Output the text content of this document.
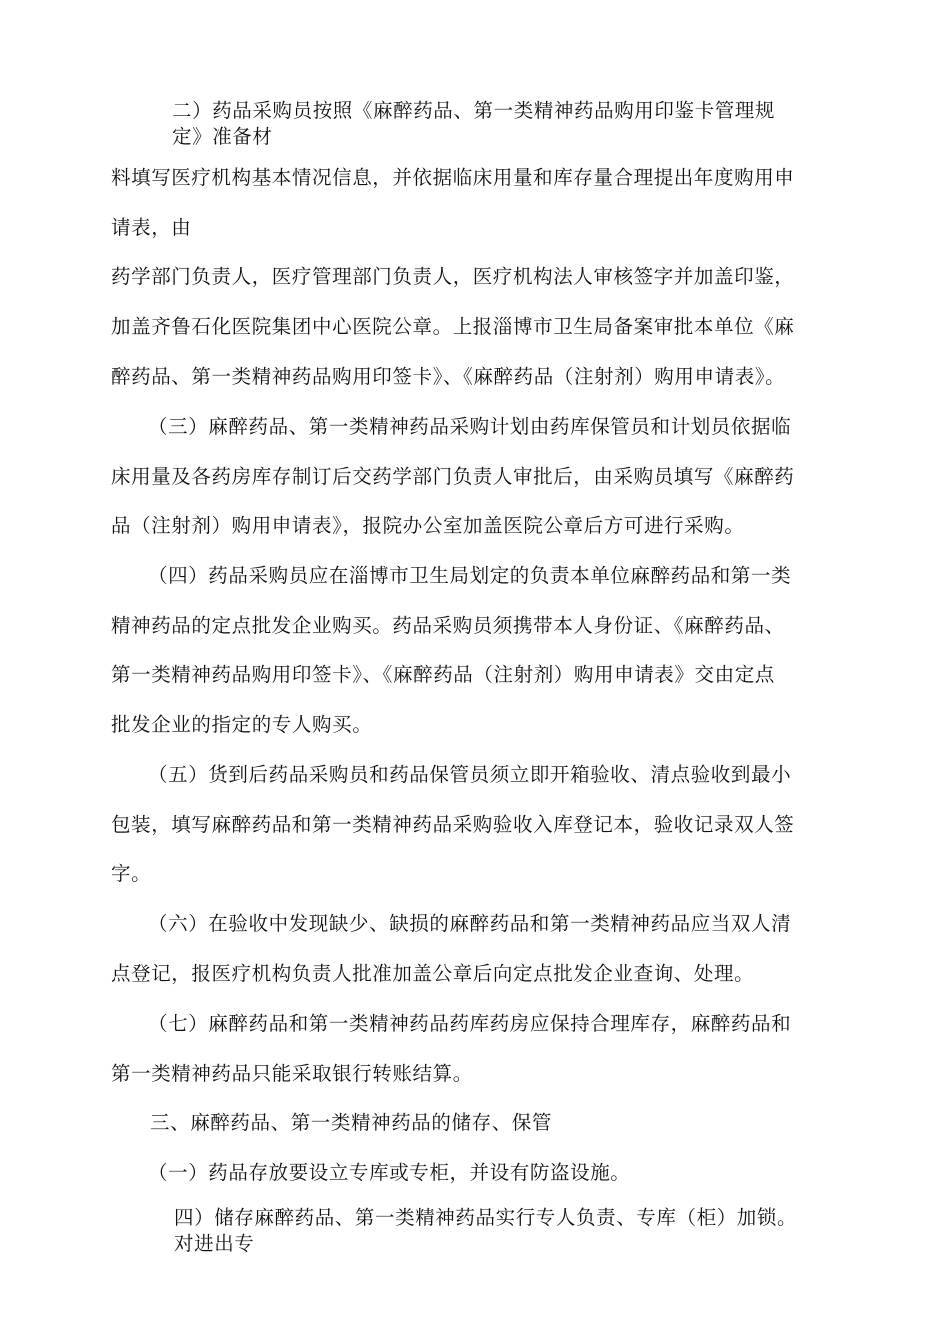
二）药品采购员按照《麻醉药品、第一类精神药品购用印鉴卡管理规
定》准备材
料填写医疗机构基本情况信息，并依据临床用量和库存量合理提出年度购用申
请表，由
药学部门负责人，医疗管理部门负责人，医疗机构法人审核签字并加盖印鉴，
加盖齐鲁石化医院集团中心医院公章。上报淄博市卫生局备案审批本单位《麻
醉药品、第一类精神药品购用印签卡》、《麻醉药品（注射剂）购用申请表》。
（三）麻醉药品、第一类精神药品采购计划由药库保管员和计划员依据临
床用量及各药房库存制订后交药学部门负责人审批后，由采购员填写《麻醉药
品（注射剂）购用申请表》，报院办公室加盖医院公章后方可进行采购。
（四）药品采购员应在淄博市卫生局划定的负责本单位麻醉药品和第一类
精神药品的定点批发企业购买。药品采购员须携带本人身份证、《麻醉药品、
第一类精神药品购用印签卡》、《麻醉药品（注射剂）购用申请表》交由定点
批发企业的指定的专人购买。
（五）货到后药品采购员和药品保管员须立即开箱验收、清点验收到最小
包装，填写麻醉药品和第一类精神药品采购验收入库登记本，验收记录双人签
字。
（六）在验收中发现缺少、缺损的麻醉药品和第一类精神药品应当双人清
点登记，报医疗机构负责人批准加盖公章后向定点批发企业查询、处理。
（七）麻醉药品和第一类精神药品药库药房应保持合理库存，麻醉药品和
第一类精神药品只能采取银行转账结算。
三、麻醉药品、第一类精神药品的储存、保管
（一）药品存放要设立专库或专柜，并设有防盗设施。
四）储存麻醉药品、第一类精神药品实行专人负责、专库（柜）加锁。
对进出专
